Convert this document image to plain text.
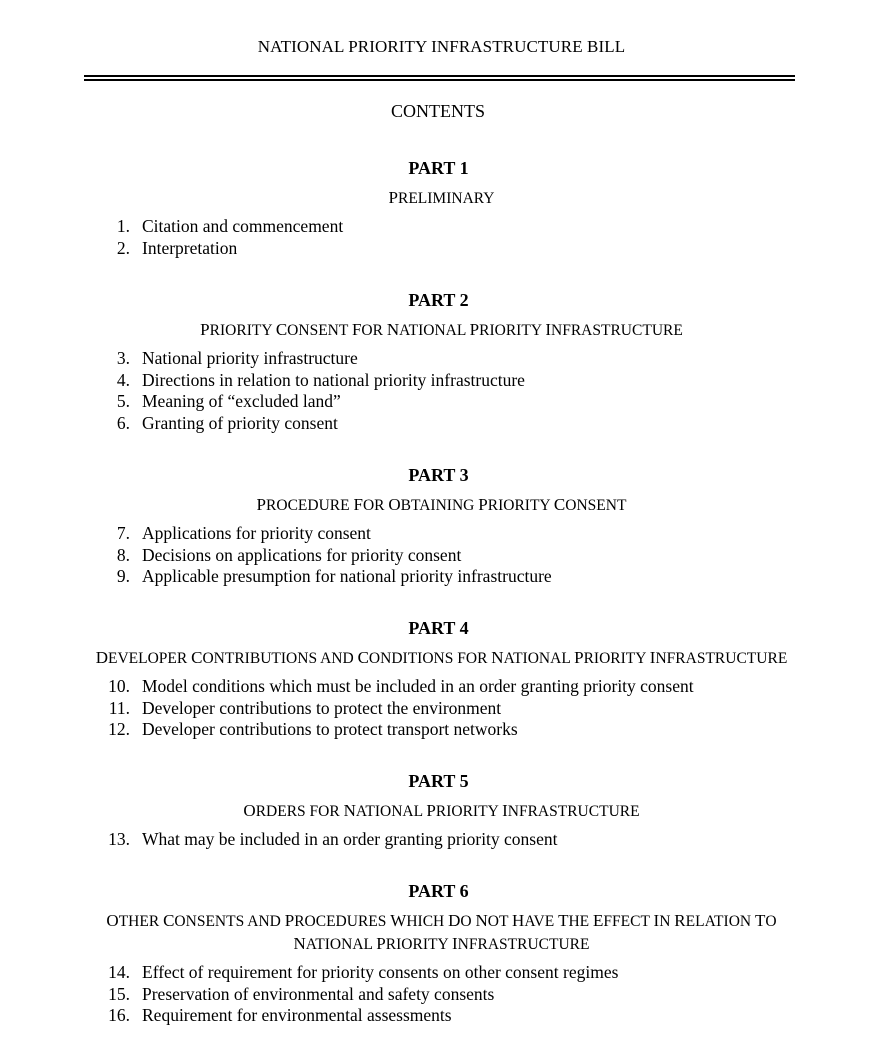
NATIONAL PRIORITY INFRASTRUCTURE BILL
CONTENTS
PART 1
PRELIMINARY
1. Citation and commencement
2. Interpretation
PART 2
PRIORITY CONSENT FOR NATIONAL PRIORITY INFRASTRUCTURE
3. National priority infrastructure
4. Directions in relation to national priority infrastructure
5. Meaning of “excluded land”
6. Granting of priority consent
PART 3
PROCEDURE FOR OBTAINING PRIORITY CONSENT
7. Applications for priority consent
8. Decisions on applications for priority consent
9. Applicable presumption for national priority infrastructure
PART 4
DEVELOPER CONTRIBUTIONS AND CONDITIONS FOR NATIONAL PRIORITY INFRASTRUCTURE
10. Model conditions which must be included in an order granting priority consent
11. Developer contributions to protect the environment
12. Developer contributions to protect transport networks
PART 5
ORDERS FOR NATIONAL PRIORITY INFRASTRUCTURE
13. What may be included in an order granting priority consent
PART 6
OTHER CONSENTS AND PROCEDURES WHICH DO NOT HAVE THE EFFECT IN RELATION TO NATIONAL PRIORITY INFRASTRUCTURE
14. Effect of requirement for priority consents on other consent regimes
15. Preservation of environmental and safety consents
16. Requirement for environmental assessments
